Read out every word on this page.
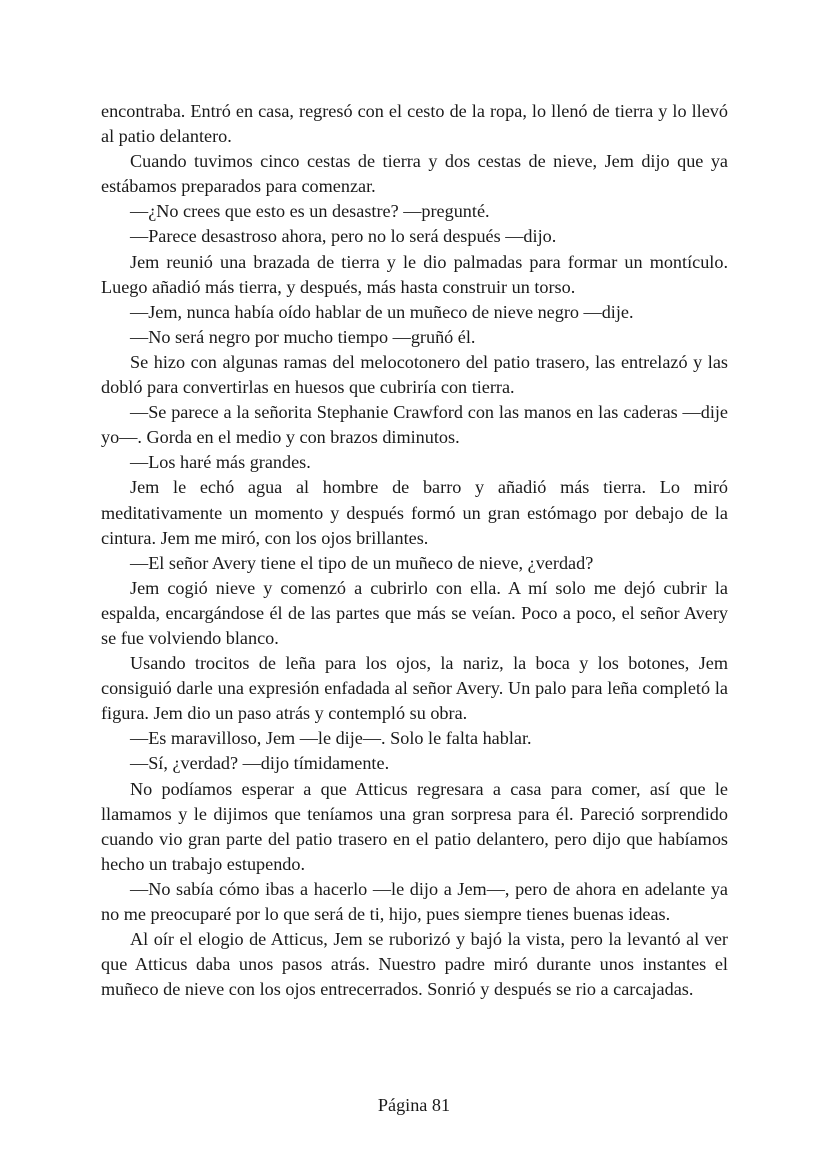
encontraba. Entró en casa, regresó con el cesto de la ropa, lo llenó de tierra y lo llevó al patio delantero.

Cuando tuvimos cinco cestas de tierra y dos cestas de nieve, Jem dijo que ya estábamos preparados para comenzar.

—¿No crees que esto es un desastre? —pregunté.

—Parece desastroso ahora, pero no lo será después —dijo.

Jem reunió una brazada de tierra y le dio palmadas para formar un montículo. Luego añadió más tierra, y después, más hasta construir un torso.

—Jem, nunca había oído hablar de un muñeco de nieve negro —dije.

—No será negro por mucho tiempo —gruñó él.

Se hizo con algunas ramas del melocotonero del patio trasero, las entrelazó y las dobló para convertirlas en huesos que cubriría con tierra.

—Se parece a la señorita Stephanie Crawford con las manos en las caderas —dije yo—. Gorda en el medio y con brazos diminutos.

—Los haré más grandes.

Jem le echó agua al hombre de barro y añadió más tierra. Lo miró meditativamente un momento y después formó un gran estómago por debajo de la cintura. Jem me miró, con los ojos brillantes.

—El señor Avery tiene el tipo de un muñeco de nieve, ¿verdad?

Jem cogió nieve y comenzó a cubrirlo con ella. A mí solo me dejó cubrir la espalda, encargándose él de las partes que más se veían. Poco a poco, el señor Avery se fue volviendo blanco.

Usando trocitos de leña para los ojos, la nariz, la boca y los botones, Jem consiguió darle una expresión enfadada al señor Avery. Un palo para leña completó la figura. Jem dio un paso atrás y contempló su obra.

—Es maravilloso, Jem —le dije—. Solo le falta hablar.

—Sí, ¿verdad? —dijo tímidamente.

No podíamos esperar a que Atticus regresara a casa para comer, así que le llamamos y le dijimos que teníamos una gran sorpresa para él. Pareció sorprendido cuando vio gran parte del patio trasero en el patio delantero, pero dijo que habíamos hecho un trabajo estupendo.

—No sabía cómo ibas a hacerlo —le dijo a Jem—, pero de ahora en adelante ya no me preocuparé por lo que será de ti, hijo, pues siempre tienes buenas ideas.

Al oír el elogio de Atticus, Jem se ruborizó y bajó la vista, pero la levantó al ver que Atticus daba unos pasos atrás. Nuestro padre miró durante unos instantes el muñeco de nieve con los ojos entrecerrados. Sonrió y después se rio a carcajadas.

Página 81
